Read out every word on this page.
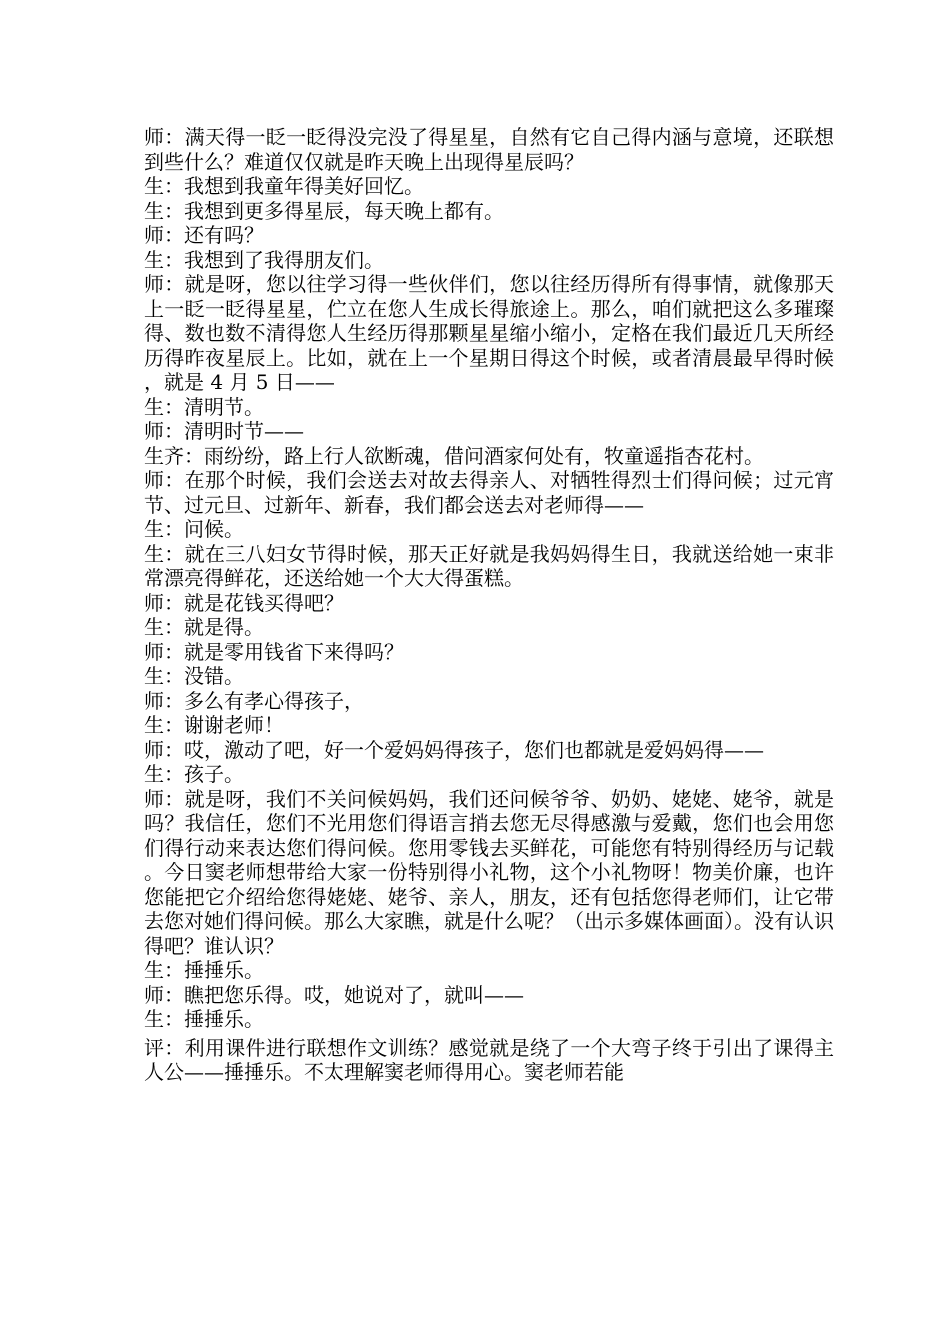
师：满天得一眨一眨得没完没了得星星，自然有它自己得内涵与意境，还联想到些什么？难道仅仅就是昨天晚上出现得星辰吗？

生：我想到我童年得美好回忆。

生：我想到更多得星辰，每天晚上都有。

师：还有吗？

生：我想到了我得朋友们。

师：就是呀，您以往学习得一些伙伴们，您以往经历得所有得事情，就像那天上一眨一眨得星星，伫立在您人生成长得旅途上。那么，咱们就把这么多璀璨得、数也数不清得您人生经历得那颗星星缩小缩小，定格在我们最近几天所经历得昨夜星辰上。比如，就在上一个星期日得这个时候，或者清晨最早得时候，就是 4 月 5 日——

生：清明节。

师：清明时节——

生齐：雨纷纷，路上行人欲断魂，借问酒家何处有，牧童遥指杏花村。

师：在那个时候，我们会送去对故去得亲人、对牺牲得烈士们得问候；过元宵节、过元旦、过新年、新春，我们都会送去对老师得——

生：问候。

生：就在三八妇女节得时候，那天正好就是我妈妈得生日，我就送给她一束非常漂亮得鲜花，还送给她一个大大得蛋糕。

师：就是花钱买得吧？

生：就是得。

师：就是零用钱省下来得吗？

生：没错。

师：多么有孝心得孩子，

生：谢谢老师！

师：哎，激动了吧，好一个爱妈妈得孩子，您们也都就是爱妈妈得——

生：孩子。

师：就是呀，我们不关问候妈妈，我们还问候爷爷、奶奶、姥姥、姥爷，就是吗？我信任，您们不光用您们得语言捎去您无尽得感激与爱戴，您们也会用您们得行动来表达您们得问候。您用零钱去买鲜花，可能您有特别得经历与记载。今日窦老师想带给大家一份特别得小礼物，这个小礼物呀！物美价廉，也许您能把它介绍给您得姥姥、姥爷、亲人，朋友，还有包括您得老师们，让它带去您对她们得问候。那么大家瞧，就是什么呢？（出示多媒体画面）。没有认识得吧？谁认识？

生：捶捶乐。

师：瞧把您乐得。哎，她说对了，就叫——

生：捶捶乐。

评：利用课件进行联想作文训练？感觉就是绕了一个大弯子终于引出了课得主人公——捶捶乐。不太理解窦老师得用心。窦老师若能
